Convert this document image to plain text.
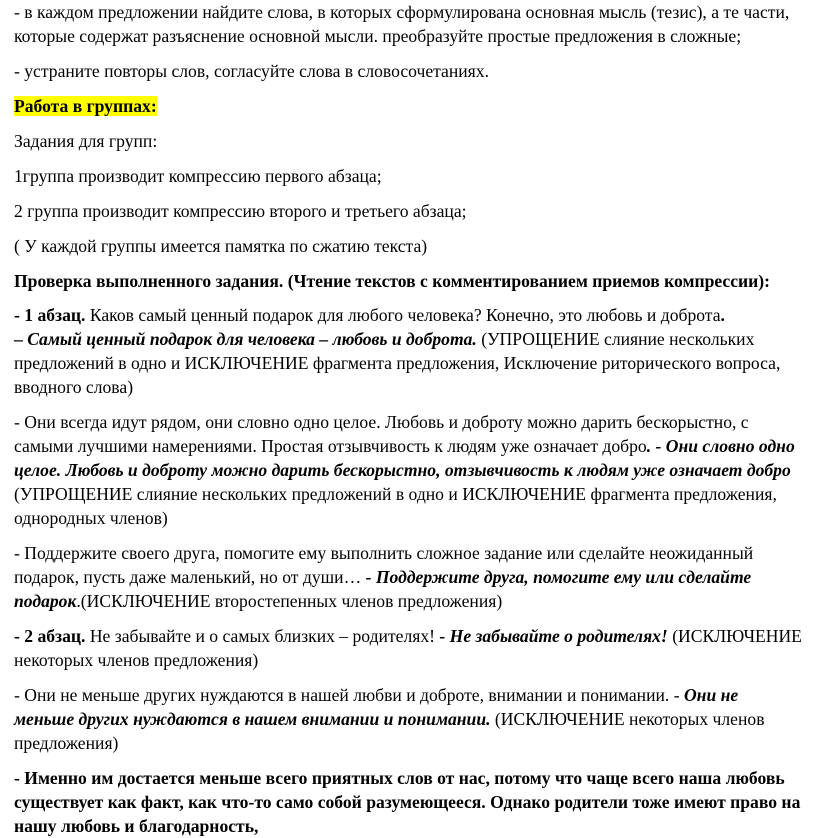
- в каждом предложении найдите слова, в которых сформулирована основная мысль (тезис), а те части, которые содержат разъяснение основной мысли. преобразуйте простые предложения в сложные;

- устраните повторы слов, согласуйте слова в словосочетаниях.

Работа в группах:

Задания для групп:

1группа производит компрессию первого абзаца;

2 группа производит компрессию второго и третьего абзаца;

( У каждой группы имеется памятка по сжатию текста)

Проверка выполненного задания. (Чтение текстов с комментированием приемов компрессии):

- 1 абзац. Каков самый ценный подарок для любого человека? Конечно, это любовь и доброта.
– Самый ценный подарок для человека – любовь и доброта. (УПРОЩЕНИЕ слияние нескольких предложений в одно и ИСКЛЮЧЕНИЕ фрагмента предложения, Исключение риторического вопроса, вводного слова)

- Они всегда идут рядом, они словно одно целое. Любовь и доброту можно дарить бескорыстно, с самыми лучшими намерениями. Простая отзывчивость к людям уже означает добро. - Они словно одно целое. Любовь и доброту можно дарить бескорыстно, отзывчивость к людям уже означает добро (УПРОЩЕНИЕ слияние нескольких предложений в одно и ИСКЛЮЧЕНИЕ фрагмента предложения, однородных членов)

- Поддержите своего друга, помогите ему выполнить сложное задание или сделайте неожиданный подарок, пусть даже маленький, но от души… - Поддержите друга, помогите ему или сделайте подарок.(ИСКЛЮЧЕНИЕ второстепенных членов предложения)

- 2 абзац. Не забывайте и о самых близких – родителях! - Не забывайте о родителях! (ИСКЛЮЧЕНИЕ некоторых членов предложения)

- Они не меньше других нуждаются в нашей любви и доброте, внимании и понимании. - Они не меньше других нуждаются в нашем внимании и понимании. (ИСКЛЮЧЕНИЕ некоторых членов предложения)

- Именно им достается меньше всего приятных слов от нас, потому что чаще всего наша любовь существует как факт, как что-то само собой разумеющееся. Однако родители тоже имеют право на нашу любовь и благодарность,
